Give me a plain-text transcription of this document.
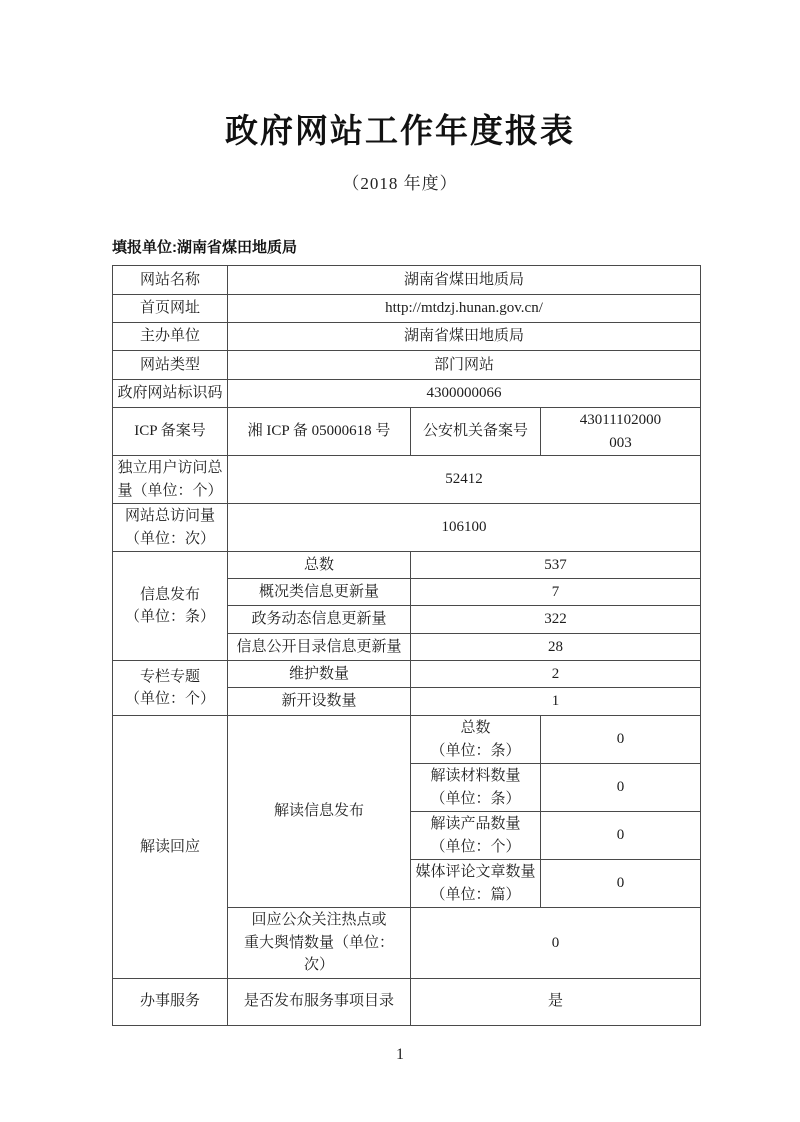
政府网站工作年度报表
（2018 年度）
填报单位:湖南省煤田地质局
网站名称	湖南省煤田地质局		
首页网址	http://mtdzj.hunan.gov.cn/		
主办单位	湖南省煤田地质局		
网站类型	部门网站		
政府网站标识码	4300000066		
ICP 备案号	湘 ICP 备 05000618 号	公安机关备案号	43011102000
003

独立用户访问总
量（单位：个）	52412		

网站总访问量
（单位：次）	106100		

信息发布
（单位：条）	总数	537	
	概况类信息更新量	7	
	政务动态信息更新量	322	
	信息公开目录信息更新量	28	

专栏专题
（单位：个）	维护数量	2	
	新开设数量	1	
解读回应	解读信息发布	总数
（单位：条）	0

		解读材料数量
（单位：条）	0

		解读产品数量
（单位：个）	0

		媒体评论文章数量
（单位：篇）	0

	回应公众关注热点或
重大舆情数量（单位：
次）	0	
办事服务	是否发布服务事项目录	是	
1
